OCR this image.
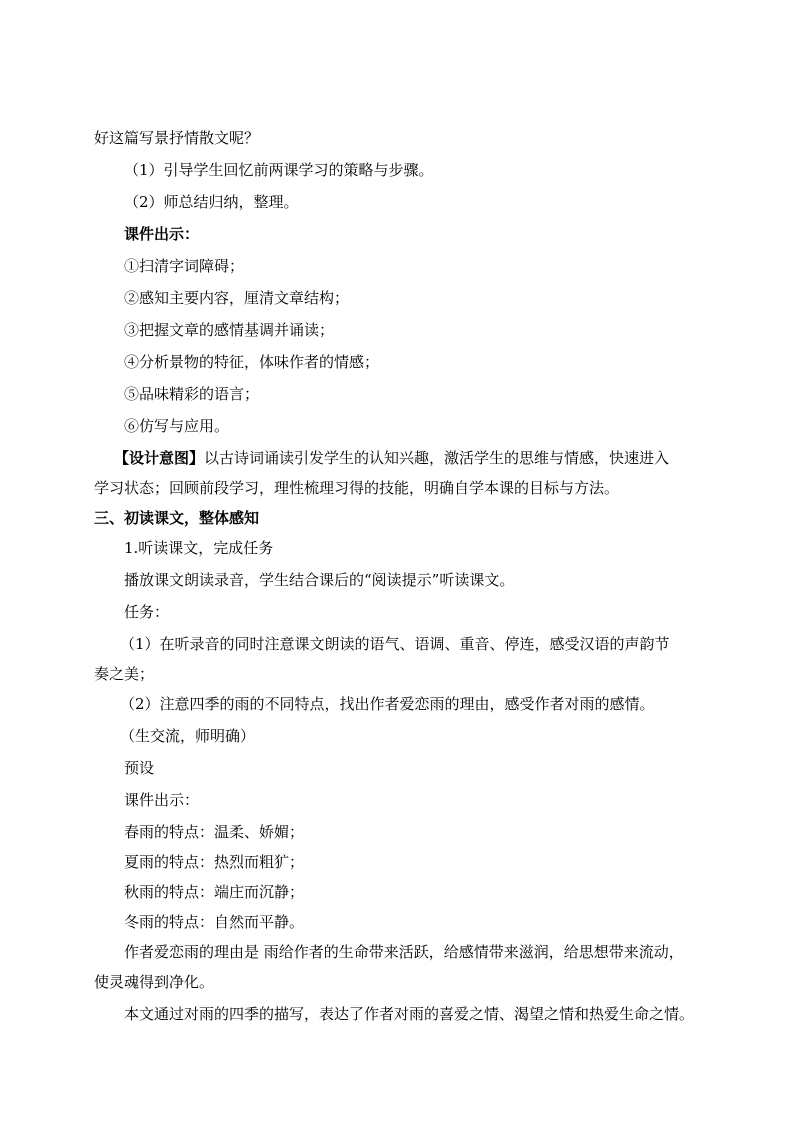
好这篇写景抒情散文呢？
（1）引导学生回忆前两课学习的策略与步骤。
（2）师总结归纳，整理。
课件出示：
①扫清字词障碍；
②感知主要内容，厘清文章结构；
③把握文章的感情基调并诵读；
④分析景物的特征，体味作者的情感；
⑤品味精彩的语言；
⑥仿写与应用。
【设计意图】以古诗词诵读引发学生的认知兴趣，激活学生的思维与情感，快速进入
学习状态；回顾前段学习，理性梳理习得的技能，明确自学本课的目标与方法。
三、初读课文，整体感知
1.听读课文，完成任务
播放课文朗读录音，学生结合课后的“阅读提示”听读课文。
任务：
（1）在听录音的同时注意课文朗读的语气、语调、重音、停连，感受汉语的声韵节
奏之美；
（2）注意四季的雨的不同特点，找出作者爱恋雨的理由，感受作者对雨的感情。
（生交流，师明确）
预设
课件出示：
春雨的特点：温柔、娇媚；
夏雨的特点：热烈而粗犷；
秋雨的特点：端庄而沉静；
冬雨的特点：自然而平静。
作者爱恋雨的理由是 雨给作者的生命带来活跃，给感情带来滋润，给思想带来流动，
使灵魂得到净化。
本文通过对雨的四季的描写，表达了作者对雨的喜爱之情、渴望之情和热爱生命之情。
